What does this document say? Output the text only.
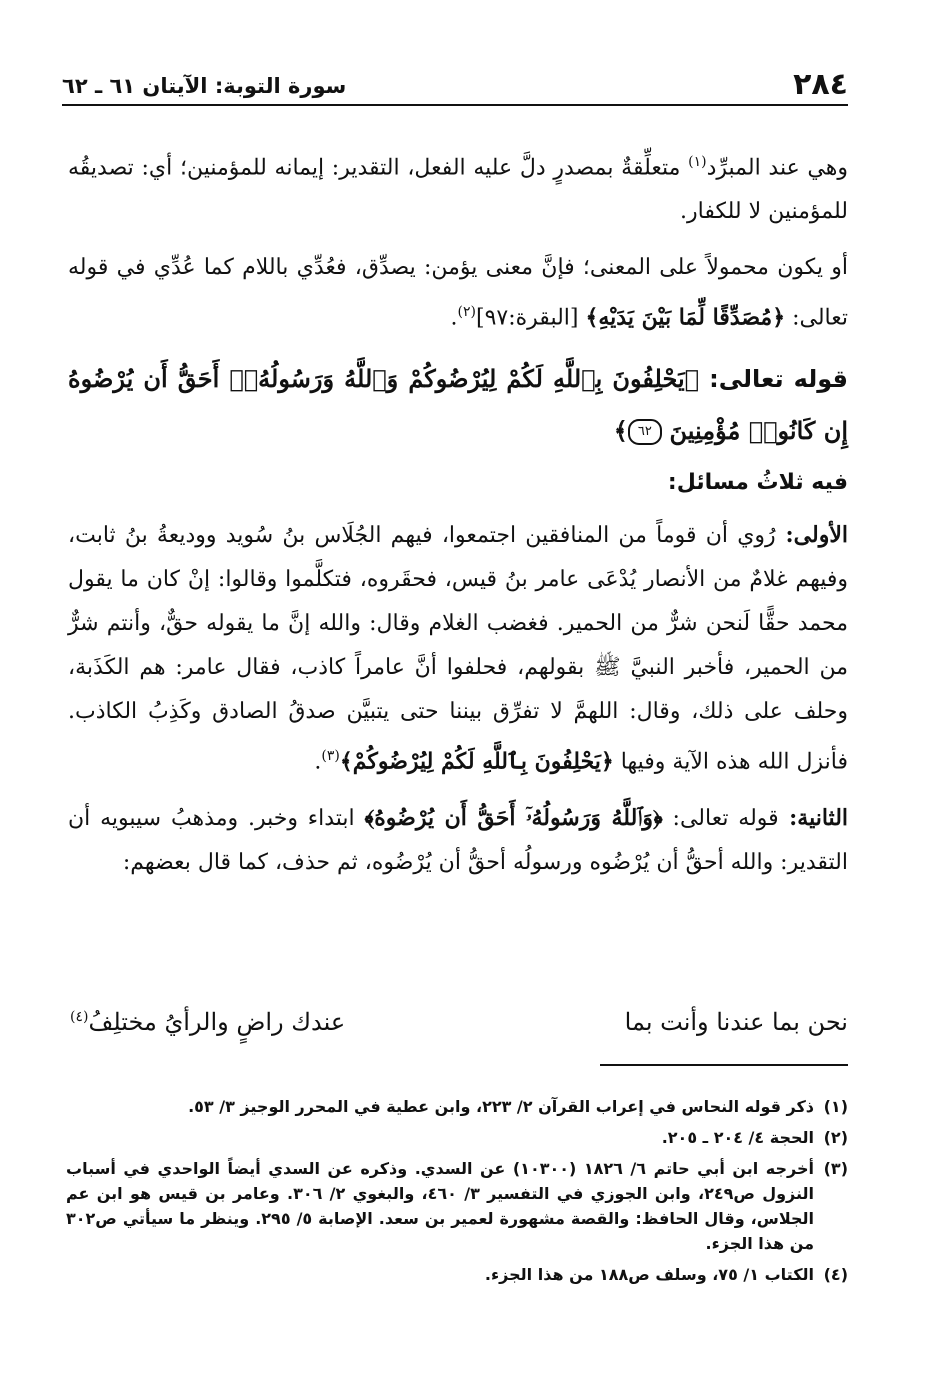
٢٨٤
سورة التوبة: الآيتان ٦١ ـ ٦٢

وهي عند المبرِّد$^{(١)}$ متعلِّقةٌ بمصدرٍ دلَّ عليه الفعل، التقدير: إيمانه للمؤمنين؛ أي: تصديقُه للمؤمنين لا للكفار.

أو يكون محمولاً على المعنى؛ فإنَّ معنى يؤمن: يصدِّق، فعُدِّي باللام كما عُدِّي في قوله تعالى: ﴿مُصَدِّقًا لِّمَا بَيْنَ يَدَيْهِ﴾ [البقرة:٩٧]$^{(٢)}$.

قوله تعالى: ﴿يَحْلِفُونَ بِٱللَّهِ لَكُمْ لِيُرْضُوكُمْ وَٱللَّهُ وَرَسُولُهُۥٓ أَحَقُّ أَن يُرْضُوهُ إِن كَانُوا۟ مُؤْمِنِينَ ٦٢﴾

فيه ثلاثُ مسائل:

الأولى: رُوي أن قوماً من المنافقين اجتمعوا، فيهم الجُلَاس بنُ سُويد ووديعةُ بنُ ثابت، وفيهم غلامٌ من الأنصار يُدْعَى عامر بنُ قيس، فحقَروه، فتكلَّموا وقالوا: إنْ كان ما يقول محمد حقًّا لَنحن شرٌّ من الحمير. فغضب الغلام وقال: والله إنَّ ما يقوله حقٌّ، وأنتم شرٌّ من الحمير، فأخبر النبيَّ ﷺ بقولهم، فحلفوا أنَّ عامراً كاذب، فقال عامر: هم الكَذَبة، وحلف على ذلك، وقال: اللهمَّ لا تفرِّق بيننا حتى يتبيَّن صدقُ الصادق وكَذِبُ الكاذب. فأنزل الله هذه الآية وفيها ﴿يَحْلِفُونَ بِٱللَّهِ لَكُمْ لِيُرْضُوكُمْ﴾$^{(٣)}$.

الثانية: قوله تعالى: ﴿وَٱللَّهُ وَرَسُولُهُۥٓ أَحَقُّ أَن يُرْضُوهُ﴾ ابتداء وخبر. ومذهبُ سيبويه أن التقدير: والله أحقُّ أن يُرْضُوه ورسولُه أحقُّ أن يُرْضُوه، ثم حذف، كما قال بعضهم:

نحن بما عندنا وأنت بما
عندك راضٍ والرأيُ مختلِفُ$^{(٤)}$
(١)
ذكر قوله النحاس في إعراب القرآن ٢/ ٢٢٣، وابن عطية في المحرر الوجيز ٣/ ٥٣.
(٢)
الحجة ٤/ ٢٠٤ ـ ٢٠٥.
(٣)
أخرجه ابن أبي حاتم ٦/ ١٨٢٦ (١٠٣٠٠) عن السدي. وذكره عن السدي أيضاً الواحدي في أسباب النزول ص٢٤٩، وابن الجوزي في التفسير ٣/ ٤٦٠، والبغوي ٢/ ٣٠٦. وعامر بن قيس هو ابن عم الجلاس، وقال الحافظ: والقصة مشهورة لعمير بن سعد. الإصابة ٥/ ٢٩٥. وينظر ما سيأتي ص٣٠٢ من هذا الجزء.
(٤)
الكتاب ١/ ٧٥، وسلف ص١٨٨ من هذا الجزء.
